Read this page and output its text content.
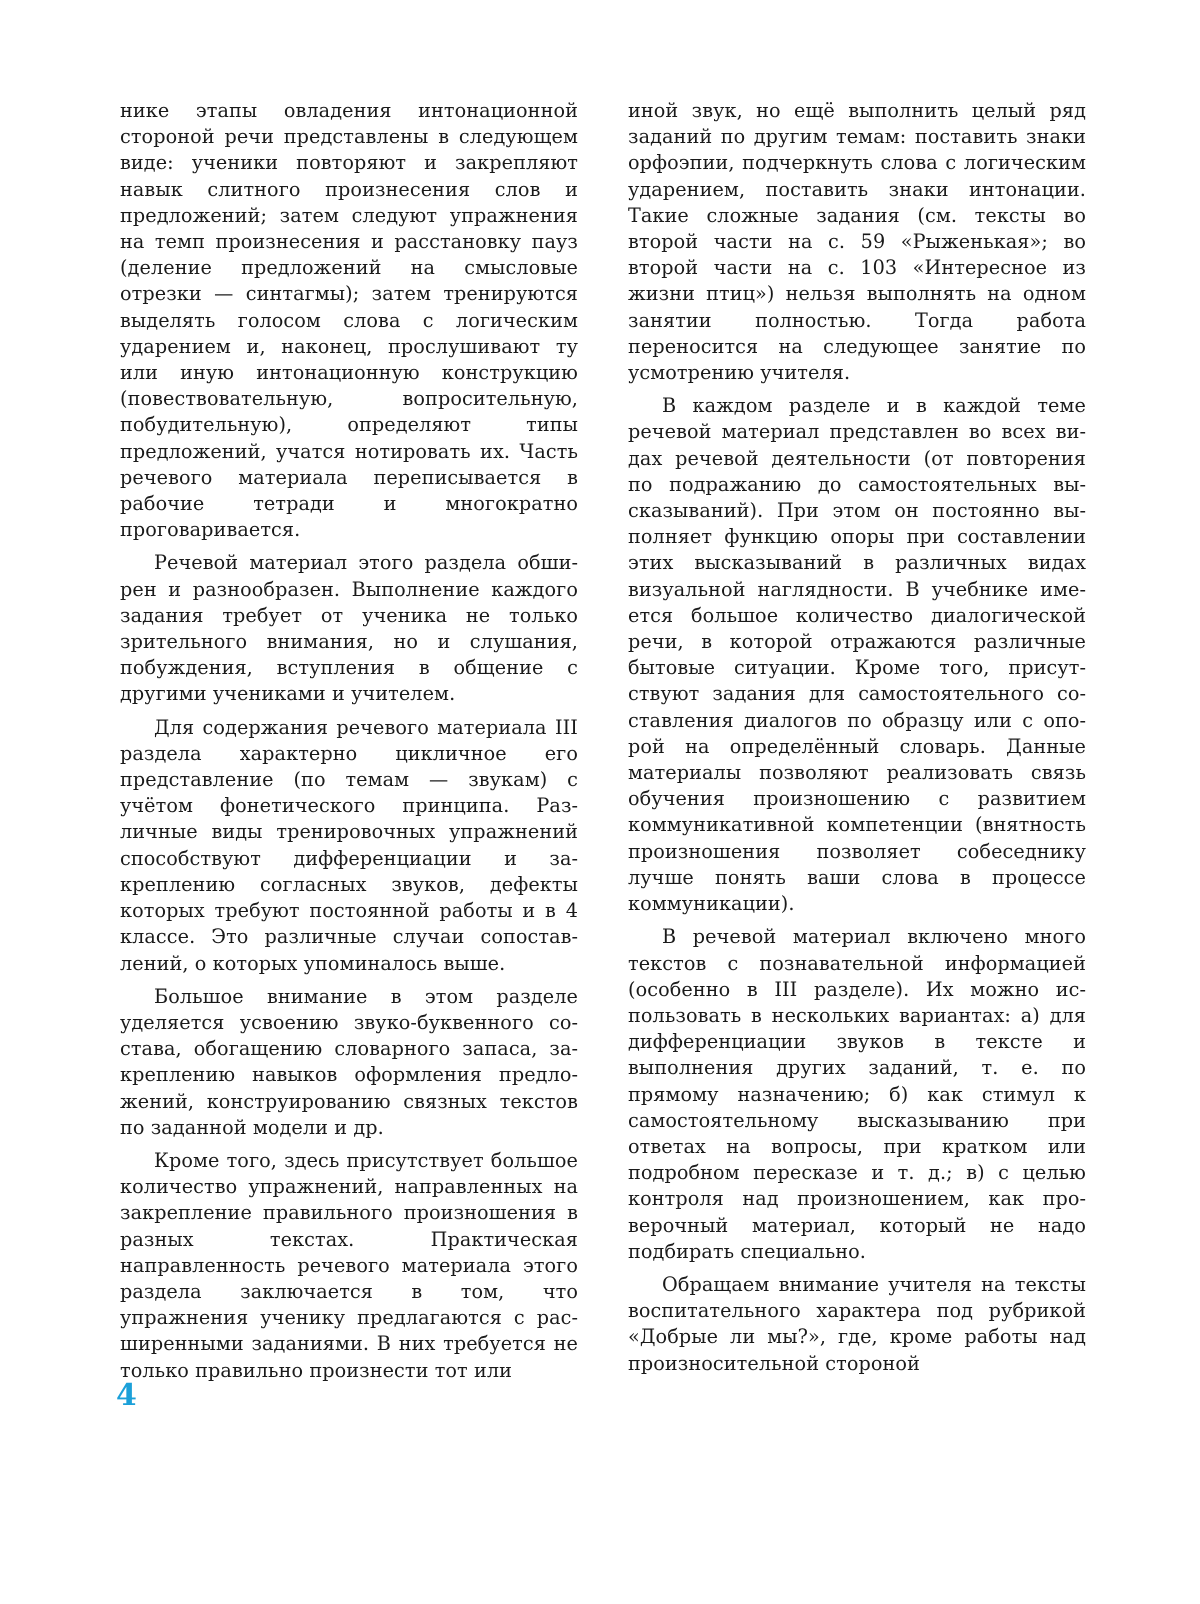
нике этапы овладения интонационной стороной речи представлены в следующем виде: ученики повторяют и закрепляют навык слитного произнесения слов и предложений; затем следуют упражнения на темп произнесения и расстановку пауз (деление предложений на смысловые отрезки — синтагмы); затем тренируются выделять голосом слова с логическим ударением и, наконец, прослушивают ту или иную интонационную конструкцию (повествовательную, вопросительную, побудительную), определяют типы предложений, учатся нотировать их. Часть речевого материала переписывается в рабочие тетради и многократно проговаривается.

Речевой материал этого раздела обширен и разнообразен. Выполнение каждого задания требует от ученика не только зрительного внимания, но и слушания, побуждения, вступления в общение с другими учениками и учителем.

Для содержания речевого материала III раздела характерно цикличное его представление (по темам — звукам) с учётом фонетического принципа. Различные виды тренировочных упражнений способствуют дифференциации и закреплению согласных звуков, дефекты которых требуют постоянной работы и в 4 классе. Это различные случаи сопоставлений, о которых упоминалось выше.

Большое внимание в этом разделе уделяется усвоению звуко-буквенного состава, обогащению словарного запаса, закреплению навыков оформления предложений, конструированию связных текстов по заданной модели и др.

Кроме того, здесь присутствует большое количество упражнений, направленных на закрепление правильного произношения в разных текстах. Практическая направленность речевого материала этого раздела заключается в том, что упражнения ученику предлагаются с расширенными заданиями. В них требуется не только правильно произнести тот или

иной звук, но ещё выполнить целый ряд заданий по другим темам: поставить знаки орфоэпии, подчеркнуть слова с логическим ударением, поставить знаки интонации. Такие сложные задания (см. тексты во второй части на с. 59 «Рыженькая»; во второй части на с. 103 «Интересное из жизни птиц») нельзя выполнять на одном занятии полностью. Тогда работа переносится на следующее занятие по усмотрению учителя.

В каждом разделе и в каждой теме речевой материал представлен во всех видах речевой деятельности (от повторения по подражанию до самостоятельных высказываний). При этом он постоянно выполняет функцию опоры при составлении этих высказываний в различных видах визуальной наглядности. В учебнике имеется большое количество диалогической речи, в которой отражаются различные бытовые ситуации. Кроме того, присутствуют задания для самостоятельного составления диалогов по образцу или с опорой на определённый словарь. Данные материалы позволяют реализовать связь обучения произношению с развитием коммуникативной компетенции (внятность произношения позволяет собеседнику лучше понять ваши слова в процессе коммуникации).

В речевой материал включено много текстов с познавательной информацией (особенно в III разделе). Их можно использовать в нескольких вариантах: а) для дифференциации звуков в тексте и выполнения других заданий, т. е. по прямому назначению; б) как стимул к самостоятельному высказыванию при ответах на вопросы, при кратком или подробном пересказе и т. д.; в) с целью контроля над произношением, как проверочный материал, который не надо подбирать специально.

Обращаем внимание учителя на тексты воспитательного характера под рубрикой «Добрые ли мы?», где, кроме работы над произносительной стороной

4
